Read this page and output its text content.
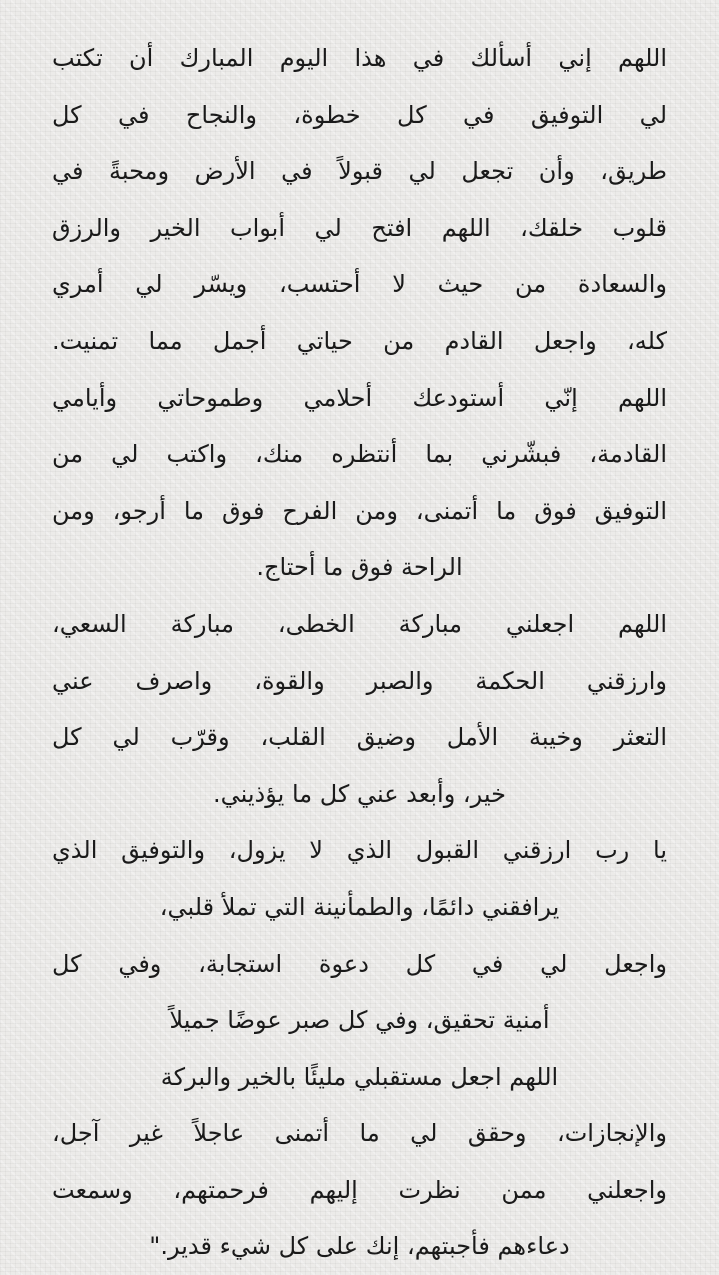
اللهم إني أسألك في هذا اليوم المبارك أن تكتب
لي التوفيق في كل خطوة، والنجاح في كل
طريق، وأن تجعل لي قبولاً في الأرض ومحبةً في
قلوب خلقك، اللهم افتح لي أبواب الخير والرزق
والسعادة من حيث لا أحتسب، ويسّر لي أمري
كله، واجعل القادم من حياتي أجمل مما تمنيت.
اللهم إنّي أستودعك أحلامي وطموحاتي وأيامي
القادمة، فبشّرني بما أنتظره منك، واكتب لي من
التوفيق فوق ما أتمنى، ومن الفرح فوق ما أرجو، ومن
الراحة فوق ما أحتاج.
اللهم اجعلني مباركة الخطى، مباركة السعي،
وارزقني الحكمة والصبر والقوة، واصرف عني
التعثر وخيبة الأمل وضيق القلب، وقرّب لي كل
خير، وأبعد عني كل ما يؤذيني.
يا رب ارزقني القبول الذي لا يزول، والتوفيق الذي
يرافقني دائمًا، والطمأنينة التي تملأ قلبي،
واجعل لي في كل دعوة استجابة، وفي كل
أمنية تحقيق، وفي كل صبر عوضًا جميلاً
اللهم اجعل مستقبلي مليئًا بالخير والبركة
والإنجازات، وحقق لي ما أتمنى عاجلاً غير آجل،
واجعلني ممن نظرت إليهم فرحمتهم، وسمعت
دعاءهم فأجبتهم، إنك على كل شيء قدير."
